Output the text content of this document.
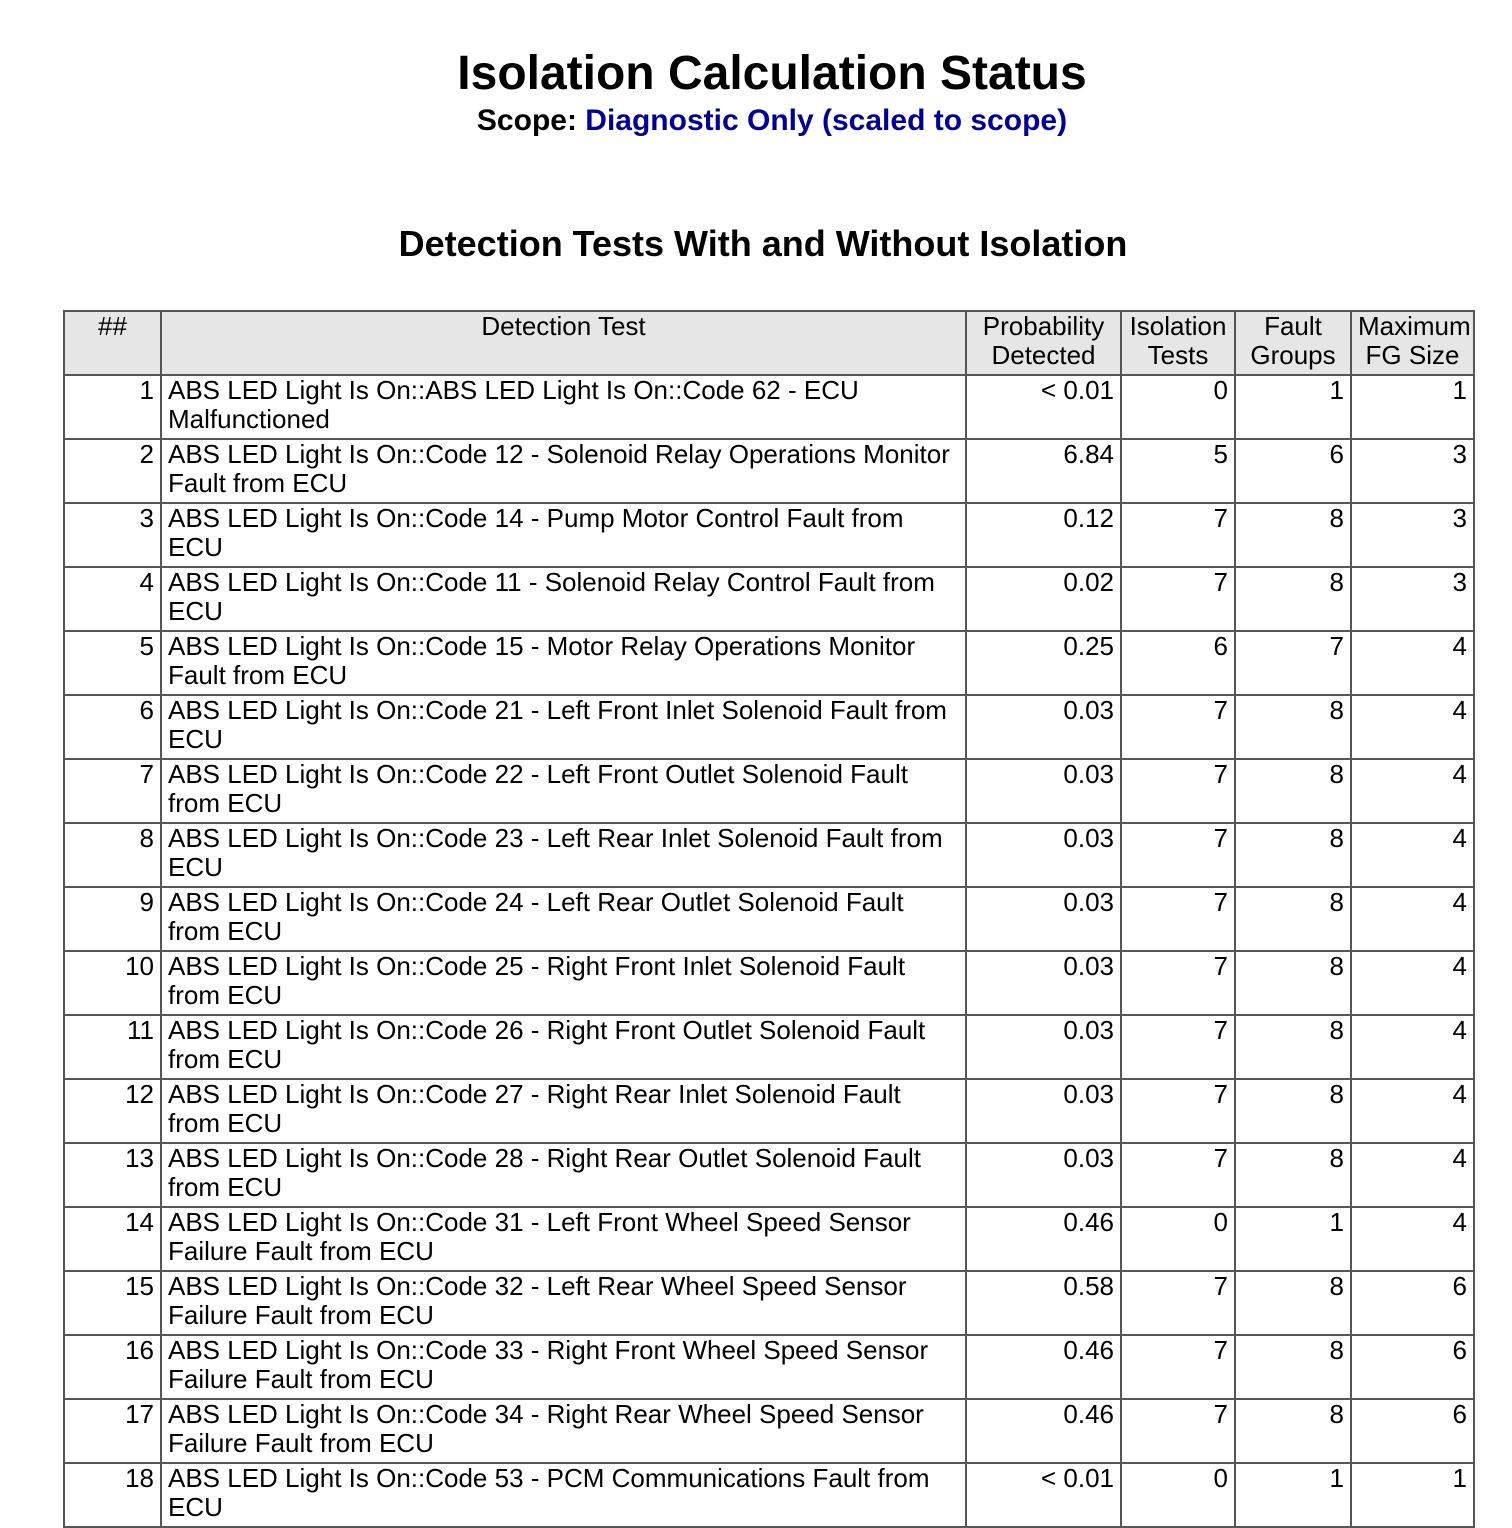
Isolation Calculation Status
Scope: Diagnostic Only (scaled to scope)
Detection Tests With and Without Isolation
##	Detection Test	Probability Detected	Isolation Tests	Fault Groups	Maximum FG Size
1	ABS LED Light Is On::ABS LED Light Is On::Code 62 - ECU Malfunctioned	< 0.01	0	1	1
2	ABS LED Light Is On::Code 12 - Solenoid Relay Operations Monitor Fault from ECU	6.84	5	6	3
3	ABS LED Light Is On::Code 14 - Pump Motor Control Fault from ECU	0.12	7	8	3
4	ABS LED Light Is On::Code 11 - Solenoid Relay Control Fault from ECU	0.02	7	8	3
5	ABS LED Light Is On::Code 15 - Motor Relay Operations Monitor Fault from ECU	0.25	6	7	4
6	ABS LED Light Is On::Code 21 - Left Front Inlet Solenoid Fault from ECU	0.03	7	8	4
7	ABS LED Light Is On::Code 22 - Left Front Outlet Solenoid Fault from ECU	0.03	7	8	4
8	ABS LED Light Is On::Code 23 - Left Rear Inlet Solenoid Fault from ECU	0.03	7	8	4
9	ABS LED Light Is On::Code 24 - Left Rear Outlet Solenoid Fault from ECU	0.03	7	8	4
10	ABS LED Light Is On::Code 25 - Right Front Inlet Solenoid Fault from ECU	0.03	7	8	4
11	ABS LED Light Is On::Code 26 - Right Front Outlet Solenoid Fault from ECU	0.03	7	8	4
12	ABS LED Light Is On::Code 27 - Right Rear Inlet Solenoid Fault from ECU	0.03	7	8	4
13	ABS LED Light Is On::Code 28 - Right Rear Outlet Solenoid Fault from ECU	0.03	7	8	4
14	ABS LED Light Is On::Code 31 - Left Front Wheel Speed Sensor Failure Fault from ECU	0.46	0	1	4
15	ABS LED Light Is On::Code 32 - Left Rear Wheel Speed Sensor Failure Fault from ECU	0.58	7	8	6
16	ABS LED Light Is On::Code 33 - Right Front Wheel Speed Sensor Failure Fault from ECU	0.46	7	8	6
17	ABS LED Light Is On::Code 34 - Right Rear Wheel Speed Sensor Failure Fault from ECU	0.46	7	8	6
18	ABS LED Light Is On::Code 53 - PCM Communications Fault from ECU	< 0.01	0	1	1
